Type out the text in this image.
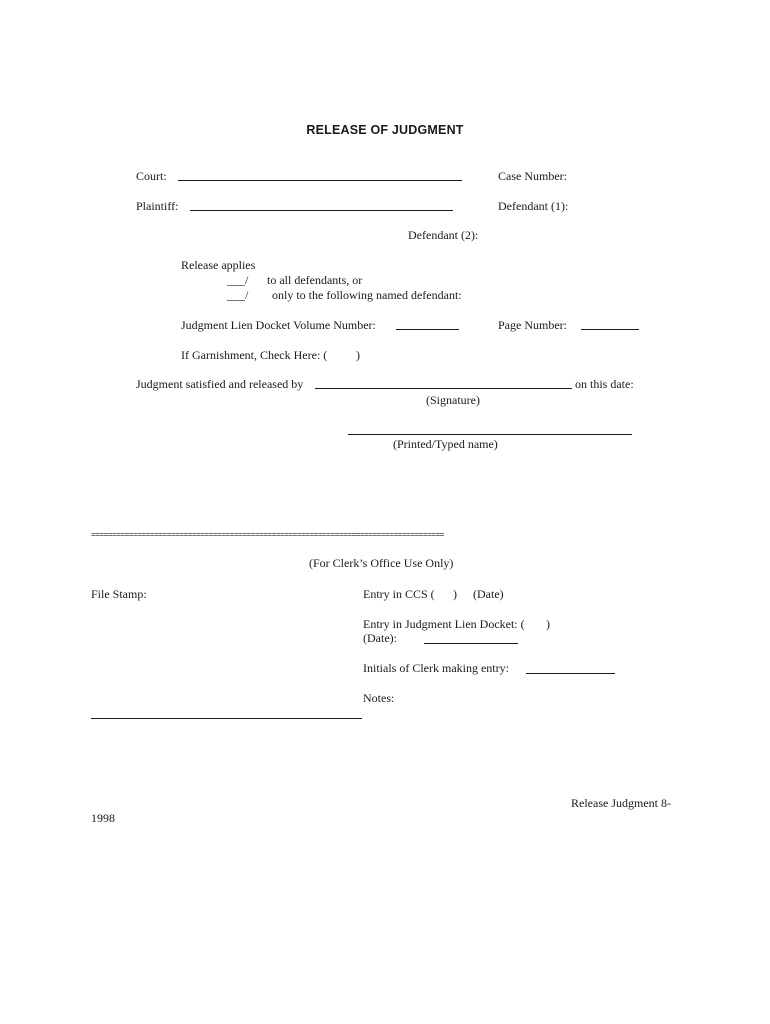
RELEASE OF JUDGMENT
Court:	Case Number:
Plaintiff:	Defendant (1):
Defendant (2):
Release applies
___/ to all defendants, or
___/ only to the following named defendant:
Judgment Lien Docket Volume Number:	Page Number:
If Garnishment, Check Here: ( )
Judgment satisfied and released by	on this date:
(Signature)
(Printed/Typed name)
====================================================================================
(For Clerk’s Office Use Only)
File Stamp:	Entry in CCS ( ) (Date)
Entry in Judgment Lien Docket: ( )
(Date):
Initials of Clerk making entry:
Notes:
Release Judgment 8-
1998
